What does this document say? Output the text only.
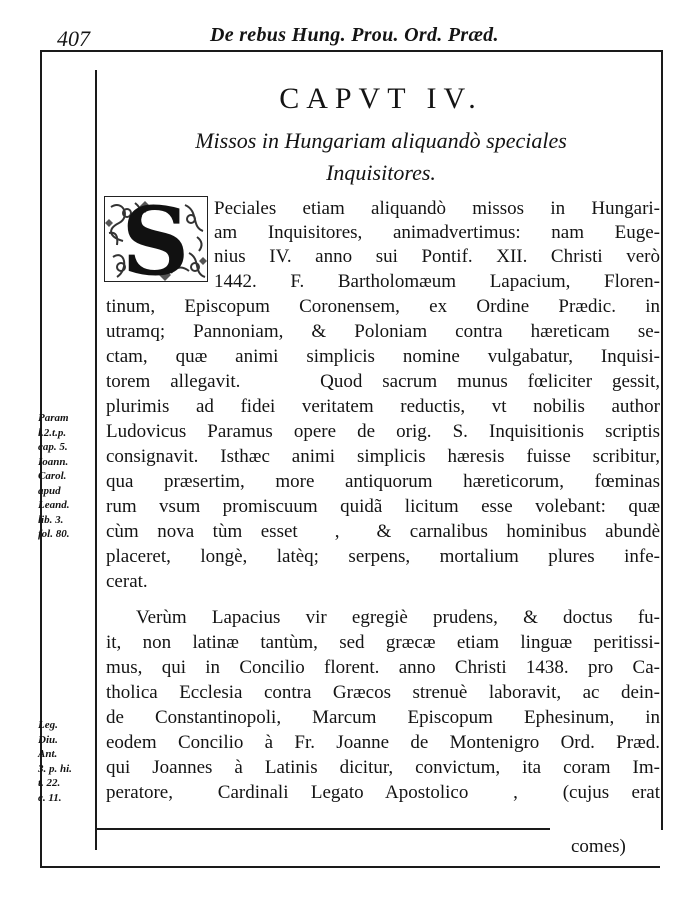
407	De rebus Hung. Prou. Ord. Præd.
CAPVT IV.
Missos in Hungariam aliquandò speciales
Inquisitores.
S	Peciales etiam aliquandò missos in Hungari-
am Inquisitores, animadvertimus: nam Euge-
nius IV. anno sui Pontif. XII. Christi verò
1442. F. Bartholomæum Lapacium, Floren-
tinum, Episcopum Coronensem, ex Ordine Prædic. in
utramq; Pannoniam, & Poloniam contra hæreticam se-
ctam, quæ animi simplicis nomine vulgabatur, Inquisi-
torem allegavit.    Quod sacrum munus fœliciter gessit,
plurimis ad fidei veritatem reductis, vt nobilis author
Ludovicus Paramus opere de orig. S. Inquisitionis scriptis
consignavit. Isthæc animi simplicis hæresis fuisse scribitur,
qua præsertim, more antiquorum hæreticorum, fœminas
rum vsum promiscuum quidã licitum esse volebant: quæ
cùm nova tùm esset  ,  & carnalibus hominibus abundè
placeret, longè, latèq; serpens, mortalium plures infe-
cerat.
Verùm Lapacius vir egregiè prudens, & doctus fu-
it, non latinæ tantùm, sed græcæ etiam linguæ peritissi-
mus, qui in Concilio florent. anno Christi 1438. pro Ca-
tholica Ecclesia contra Græcos strenuè laboravit, ac dein-
de Constantinopoli, Marcum Episcopum Ephesinum, in
eodem Concilio à Fr. Joanne de Montenigro Ord. Præd.
qui Joannes à Latinis dicitur, convictum, ita coram Im-
peratore,  Cardinali Legato Apostolico  ,  (cujus erat
Param
l.2.t.p.
cap. 5.
Ioann.
Carol.
apud
Leand.
lib. 3.
fol. 80.
Leg.
Diu.
Ant.
3. p. hi.
t. 22.
c. 11.
comes)
